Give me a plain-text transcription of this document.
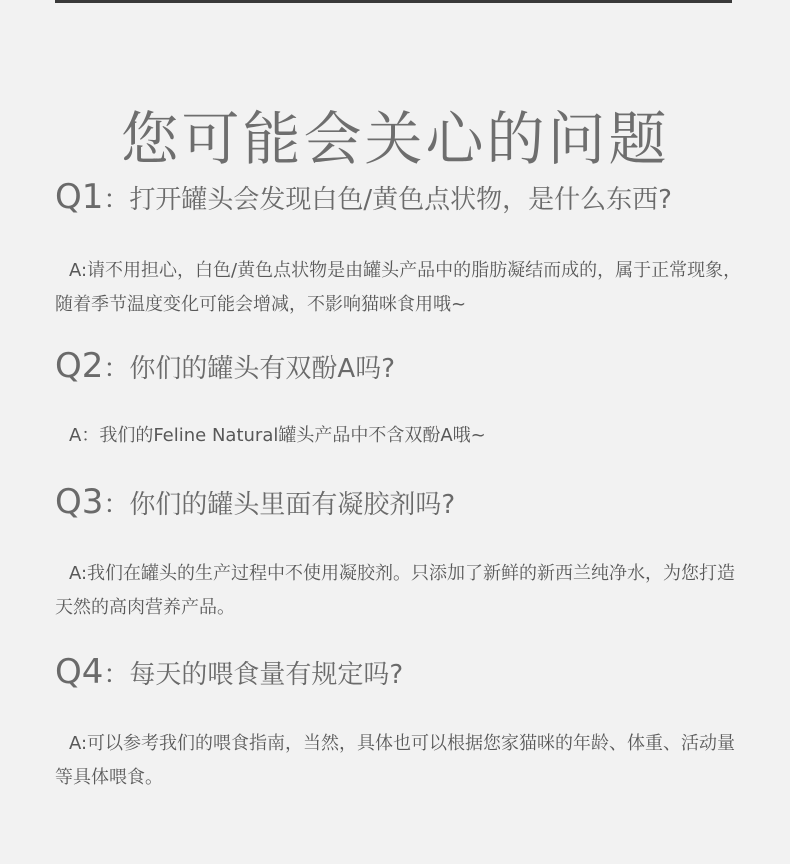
您可能会关心的问题
Q1：打开罐头会发现白色/黄色点状物，是什么东西?

A:请不用担心，白色/黄色点状物是由罐头产品中的脂肪凝结而成的，属于正常现象，随着季节温度变化可能会增减，不影响猫咪食用哦~

Q2：你们的罐头有双酚A吗?

A：我们的Feline Natural罐头产品中不含双酚A哦~

Q3：你们的罐头里面有凝胶剂吗?

A:我们在罐头的生产过程中不使用凝胶剂。只添加了新鲜的新西兰纯净水，为您打造天然的高肉营养产品。

Q4：每天的喂食量有规定吗?

A:可以参考我们的喂食指南，当然，具体也可以根据您家猫咪的年龄、体重、活动量等具体喂食。
